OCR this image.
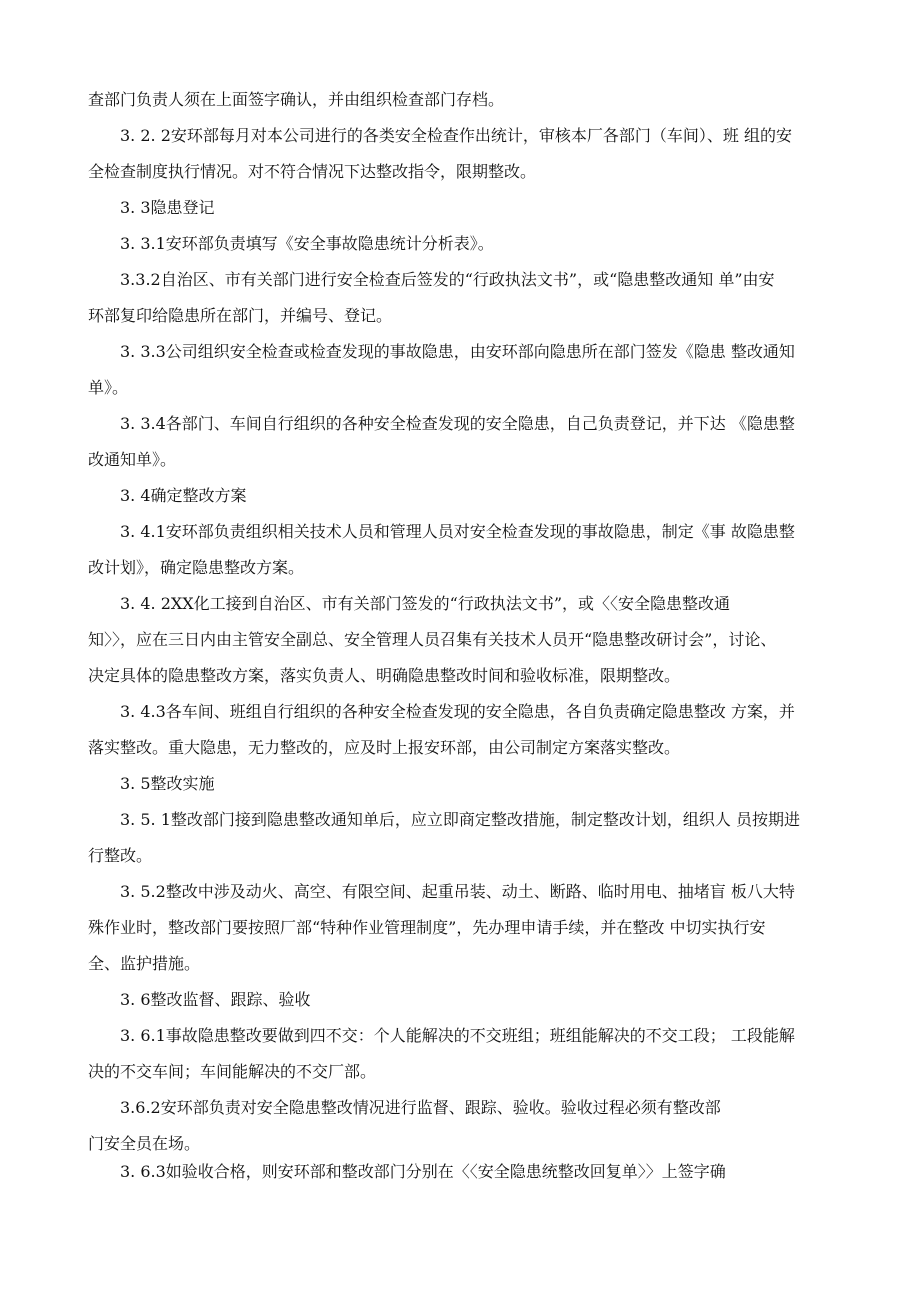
查部门负责人须在上面签字确认，并由组织检查部门存档。
3. 2. 2安环部每月对本公司进行的各类安全检查作出统计，审核本厂各部门（车间）、班 组的安
全检查制度执行情况。对不符合情况下达整改指令，限期整改。
3. 3隐患登记
3. 3.1安环部负责填写《安全事故隐患统计分析表》。
3.3.2自治区、市有关部门进行安全检查后签发的“行政执法文书”，或“隐患整改通知 单”由安
环部复印给隐患所在部门，并编号、登记。
3. 3.3公司组织安全检查或检查发现的事故隐患，由安环部向隐患所在部门签发《隐患 整改通知
单》。
3. 3.4各部门、车间自行组织的各种安全检查发现的安全隐患，自己负责登记，并下达 《隐患整
改通知单》。
3. 4确定整改方案
3. 4.1安环部负责组织相关技术人员和管理人员对安全检查发现的事故隐患，制定《事 故隐患整
改计划》，确定隐患整改方案。
3. 4. 2XX化工接到自治区、市有关部门签发的“行政执法文书”，或〈〈安全隐患整改通
知〉〉，应在三日内由主管安全副总、安全管理人员召集有关技术人员开“隐患整改研讨会”，讨论、
决定具体的隐患整改方案，落实负责人、明确隐患整改时间和验收标准，限期整改。
3. 4.3各车间、班组自行组织的各种安全检查发现的安全隐患，各自负责确定隐患整改 方案，并
落实整改。重大隐患，无力整改的，应及时上报安环部，由公司制定方案落实整改。
3. 5整改实施
3. 5. 1整改部门接到隐患整改通知单后，应立即商定整改措施，制定整改计划，组织人 员按期进
行整改。
3. 5.2整改中涉及动火、高空、有限空间、起重吊装、动土、断路、临时用电、抽堵盲 板八大特
殊作业时，整改部门要按照厂部“特种作业管理制度”，先办理申请手续，并在整改 中切实执行安
全、监护措施。
3. 6整改监督、跟踪、验收
3. 6.1事故隐患整改要做到四不交：个人能解决的不交班组；班组能解决的不交工段； 工段能解
决的不交车间；车间能解决的不交厂部。
3.6.2安环部负责对安全隐患整改情况进行监督、跟踪、验收。验收过程必须有整改部
门安全员在场。
3. 6.3如验收合格，则安环部和整改部门分别在〈〈安全隐患统整改回复单〉〉上签字确
